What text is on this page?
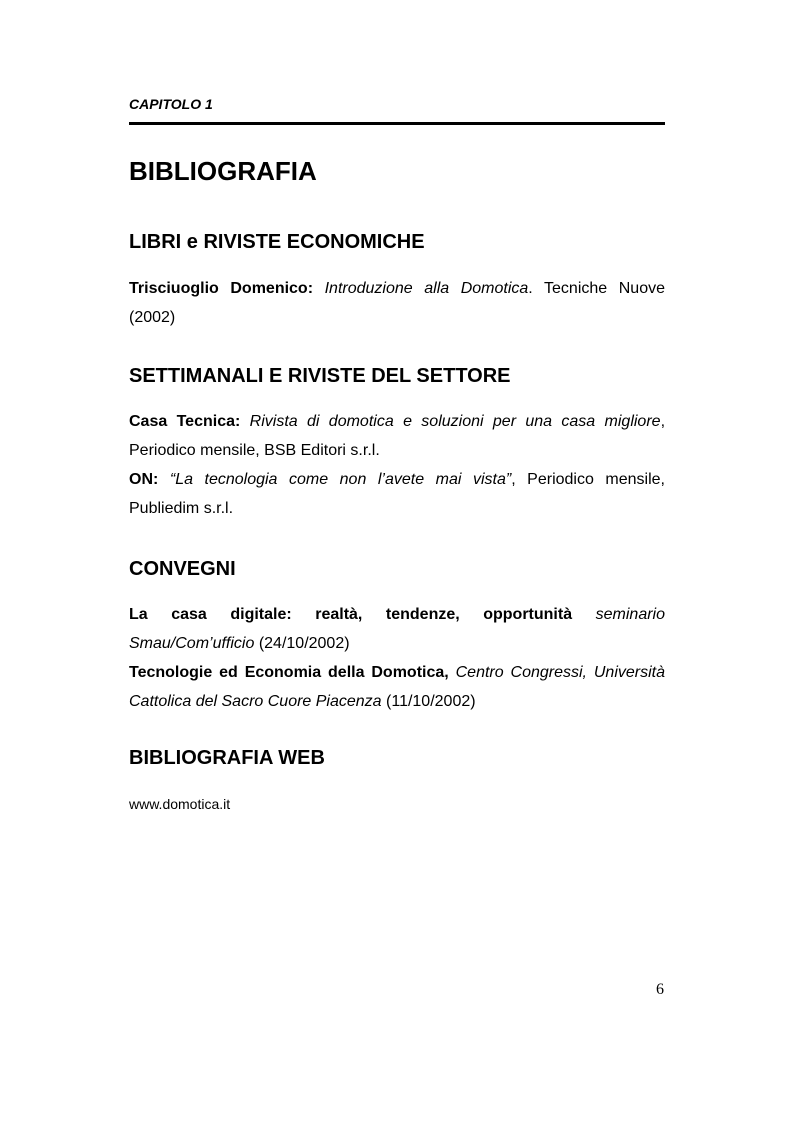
CAPITOLO 1
BIBLIOGRAFIA
LIBRI e RIVISTE ECONOMICHE
Trisciuoglio Domenico: Introduzione alla Domotica. Tecniche Nuove (2002)
SETTIMANALI E RIVISTE DEL SETTORE
Casa Tecnica: Rivista di domotica e soluzioni per una casa migliore, Periodico mensile, BSB Editori s.r.l.
ON: “La tecnologia come non l’avete mai vista”, Periodico mensile, Publiedim s.r.l.
CONVEGNI
La casa digitale: realtà, tendenze, opportunità seminario Smau/Com’ufficio (24/10/2002)
Tecnologie ed Economia della Domotica, Centro Congressi, Università Cattolica del Sacro Cuore Piacenza (11/10/2002)
BIBLIOGRAFIA WEB
www.domotica.it
6
